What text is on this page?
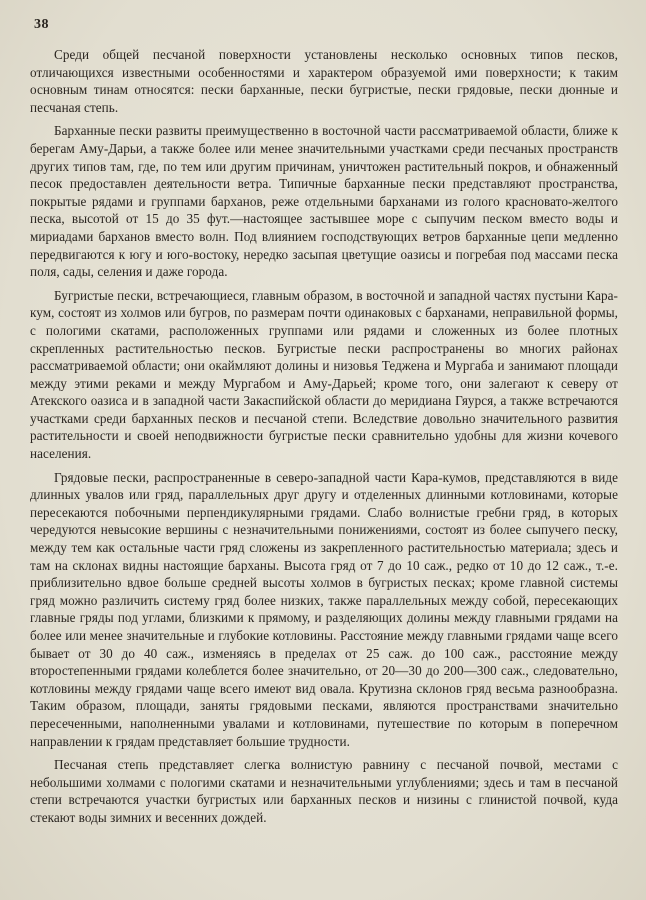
38

Среди общей песчаной поверхности установлены несколько основных типов песков, отличающихся известными особенностями и характером образуемой ими поверхности; к таким основным тинам относятся: пески барханные, пески бугристые, пески грядовые, пески дюнные и песчаная степь.

Барханные пески развиты преимущественно в восточной части рассматриваемой области, ближе к берегам Аму-Дарьи, а также более или менее значительными участками среди песчаных пространств других типов там, где, по тем или другим причинам, уничтожен растительный покров, и обнаженный песок предоставлен деятельности ветра. Типичные барханные пески представляют пространства, покрытые рядами и группами барханов, реже отдельными барханами из голого красновато-желтого песка, высотой от 15 до 35 фут.—настоящее застывшее море с сыпучим песком вместо воды и мириадами барханов вместо волн. Под влиянием господствующих ветров барханные цепи медленно передвигаются к югу и юго-востоку, нередко засыпая цветущие оазисы и погребая под массами песка поля, сады, селения и даже города.

Бугристые пески, встречающиеся, главным образом, в восточной и западной частях пустыни Кара-кум, состоят из холмов или бугров, по размерам почти одинаковых с барханами, неправильной формы, с пологими скатами, расположенных группами или рядами и сложенных из более плотных скрепленных растительностью песков. Бугристые пески распространены во многих районах рассматриваемой области; они окаймляют долины и низовья Теджена и Мургаба и занимают площади между этими реками и между Мургабом и Аму-Дарьей; кроме того, они залегают к северу от Атекского оазиса и в западной части Закаспийской области до меридиана Гяурся, а также встречаются участками среди барханных песков и песчаной степи. Вследствие довольно значительного развития растительности и своей неподвижности бугристые пески сравнительно удобны для жизни кочевого населения.

Грядовые пески, распространенные в северо-западной части Кара-кумов, представляются в виде длинных увалов или гряд, параллельных друг другу и отделенных длинными котловинами, которые пересекаются побочными перпендикулярными грядами. Слабо волнистые гребни гряд, в которых чередуются невысокие вершины с незначительными понижениями, состоят из более сыпучего песку, между тем как остальные части гряд сложены из закрепленного растительностью материала; здесь и там на склонах видны настоящие барханы. Высота гряд от 7 до 10 саж., редко от 10 до 12 саж., т.-е. приблизительно вдвое больше средней высоты холмов в бугристых песках; кроме главной системы гряд можно различить систему гряд более низких, также параллельных между собой, пересекающих главные гряды под углами, близкими к прямому, и разделяющих долины между главными грядами на более или менее значительные и глубокие котловины. Расстояние между главными грядами чаще всего бывает от 30 до 40 саж., изменяясь в пределах от 25 саж. до 100 саж., расстояние между второстепенными грядами колеблется более значительно, от 20—30 до 200—300 саж., следовательно, котловины между грядами чаще всего имеют вид овала. Крутизна склонов гряд весьма разнообразна. Таким образом, площади, заняты грядовыми песками, являются пространствами значительно пересеченными, наполненными увалами и котловинами, путешествие по которым в поперечном направлении к грядам представляет большие трудности.

Песчаная степь представляет слегка волнистую равнину с песчаной почвой, местами с небольшими холмами с пологими скатами и незначительными углублениями; здесь и там в песчаной степи встречаются участки бугристых или барханных песков и низины с глинистой почвой, куда стекают воды зимних и весенних дождей.
